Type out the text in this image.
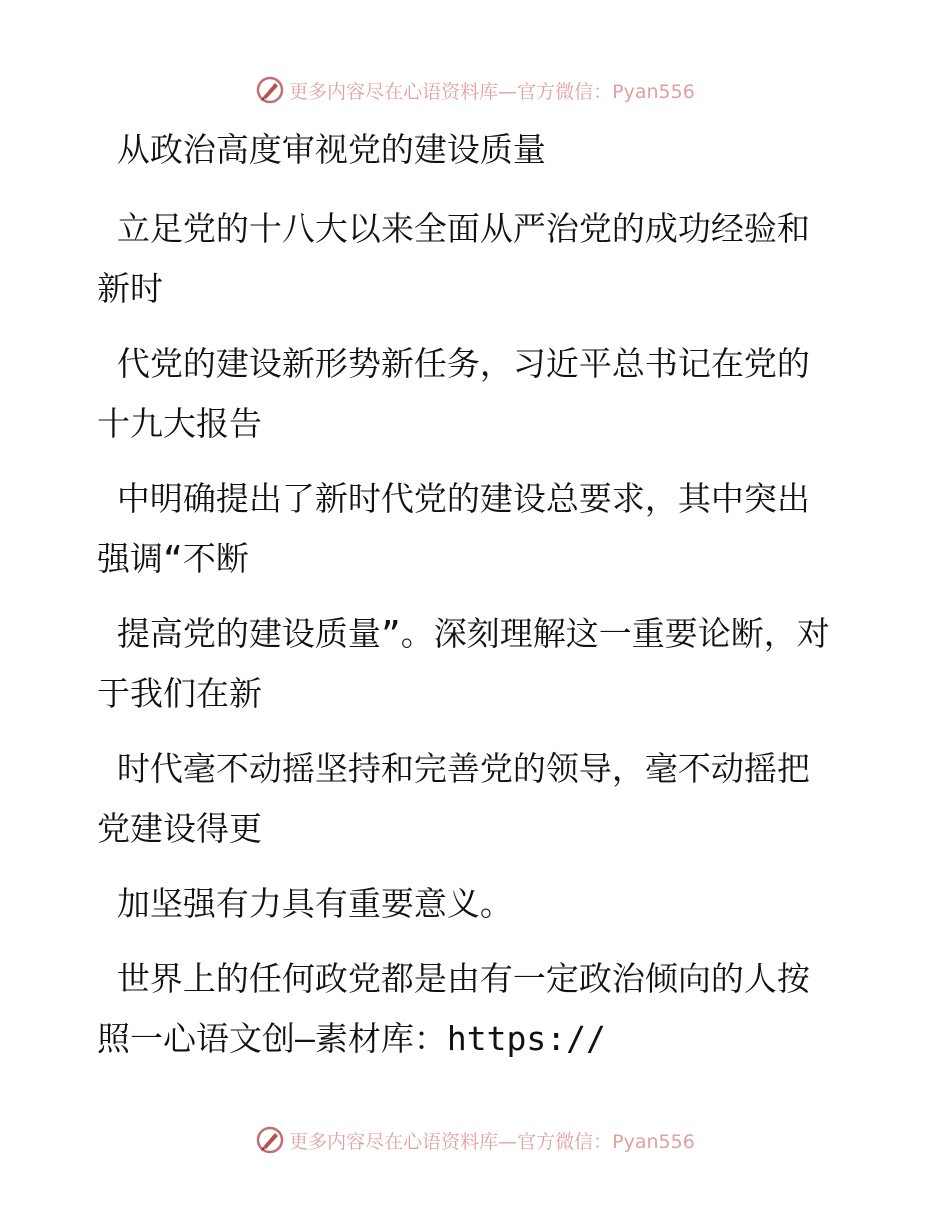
更多内容尽在心语资料库—官方微信：Pyan556

从政治高度审视党的建设质量

立足党的十八大以来全面从严治党的成功经验和新时

代党的建设新形势新任务，习近平总书记在党的十九大报告

中明确提出了新时代党的建设总要求，其中突出强调“不断

提高党的建设质量”。深刻理解这一重要论断，对于我们在新

时代毫不动摇坚持和完善党的领导，毫不动摇把党建设得更

加坚强有力具有重要意义。

世界上的任何政党都是由有一定政治倾向的人按照一心语文创—素材库：https://

更多内容尽在心语资料库—官方微信：Pyan556
